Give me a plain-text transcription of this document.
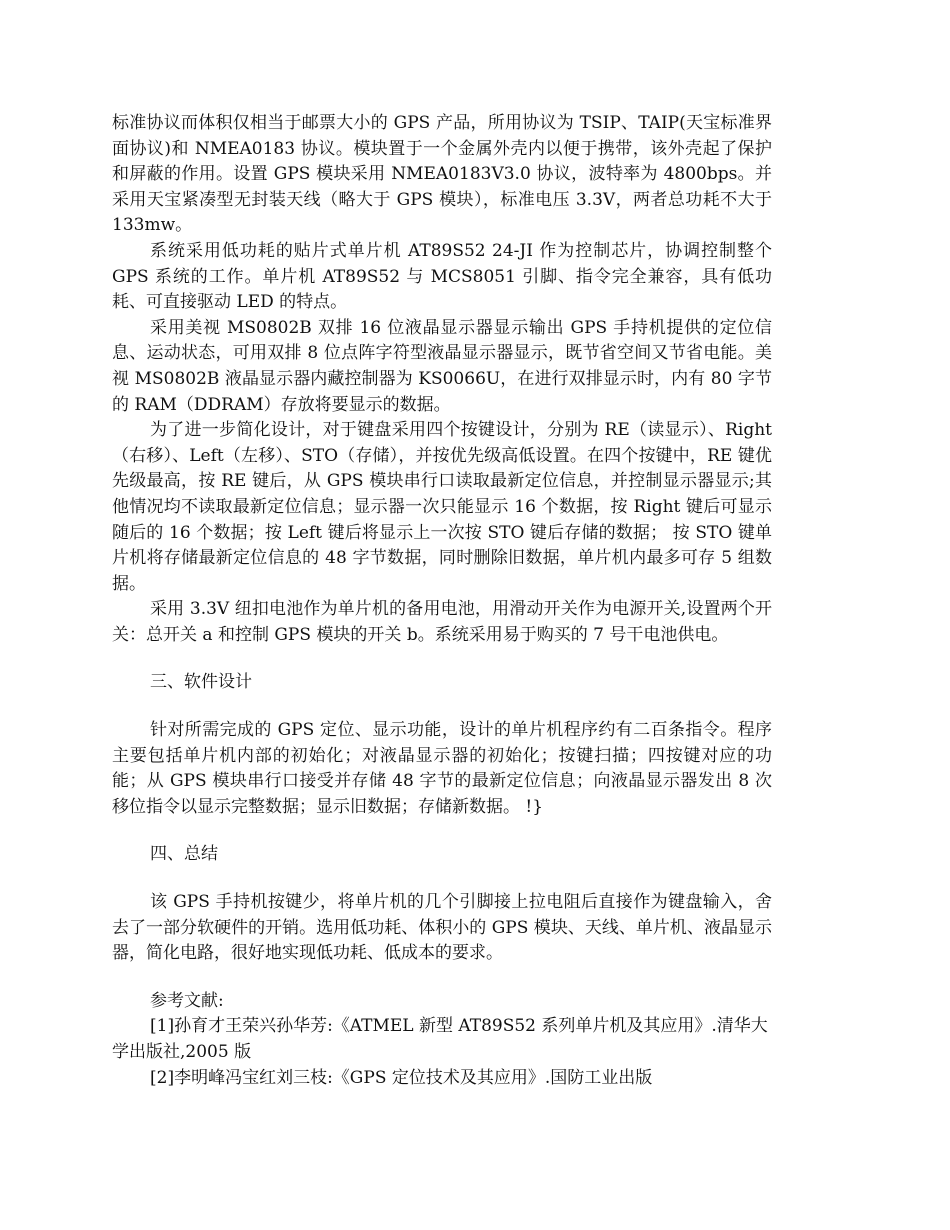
标准协议而体积仅相当于邮票大小的 GPS 产品，所用协议为 TSIP、TAIP(天宝标准界面协议)和 NMEA0183 协议。模块置于一个金属外壳内以便于携带，该外壳起了保护和屏蔽的作用。设置 GPS 模块采用 NMEA0183V3.0 协议，波特率为 4800bps。并采用天宝紧凑型无封装天线（略大于 GPS 模块），标准电压 3.3V，两者总功耗不大于 133mw。

系统采用低功耗的贴片式单片机 AT89S52 24-JI 作为控制芯片，协调控制整个 GPS 系统的工作。单片机 AT89S52 与 MCS8051 引脚、指令完全兼容，具有低功耗、可直接驱动 LED 的特点。

采用美视 MS0802B 双排 16 位液晶显示器显示输出 GPS 手持机提供的定位信息、运动状态，可用双排 8 位点阵字符型液晶显示器显示，既节省空间又节省电能。美视 MS0802B 液晶显示器内藏控制器为 KS0066U，在进行双排显示时，内有 80 字节的 RAM（DDRAM）存放将要显示的数据。

为了进一步简化设计，对于键盘采用四个按键设计，分别为 RE（读显示）、Right（右移）、Left（左移）、STO（存储），并按优先级高低设置。在四个按键中，RE 键优先级最高，按 RE 键后，从 GPS 模块串行口读取最新定位信息，并控制显示器显示;其他情况均不读取最新定位信息；显示器一次只能显示 16 个数据，按 Right 键后可显示随后的 16 个数据；按 Left 键后将显示上一次按 STO 键后存储的数据； 按 STO 键单片机将存储最新定位信息的 48 字节数据，同时删除旧数据，单片机内最多可存 5 组数据。

采用 3.3V 纽扣电池作为单片机的备用电池，用滑动开关作为电源开关,设置两个开关：总开关 a 和控制 GPS 模块的开关 b。系统采用易于购买的 7 号干电池供电。

三、软件设计

针对所需完成的 GPS 定位、显示功能，设计的单片机程序约有二百条指令。程序主要包括单片机内部的初始化；对液晶显示器的初始化；按键扫描；四按键对应的功能；从 GPS 模块串行口接受并存储 48 字节的最新定位信息；向液晶显示器发出 8 次移位指令以显示完整数据；显示旧数据；存储新数据。 !}

四、总结

该 GPS 手持机按键少，将单片机的几个引脚接上拉电阻后直接作为键盘输入，舍去了一部分软硬件的开销。选用低功耗、体积小的 GPS 模块、天线、单片机、液晶显示器，简化电路，很好地实现低功耗、低成本的要求。

参考文献:

[1]孙育才王荣兴孙华芳:《ATMEL 新型 AT89S52 系列单片机及其应用》.清华大学出版社,2005 版

[2]李明峰冯宝红刘三枝:《GPS 定位技术及其应用》.国防工业出版
